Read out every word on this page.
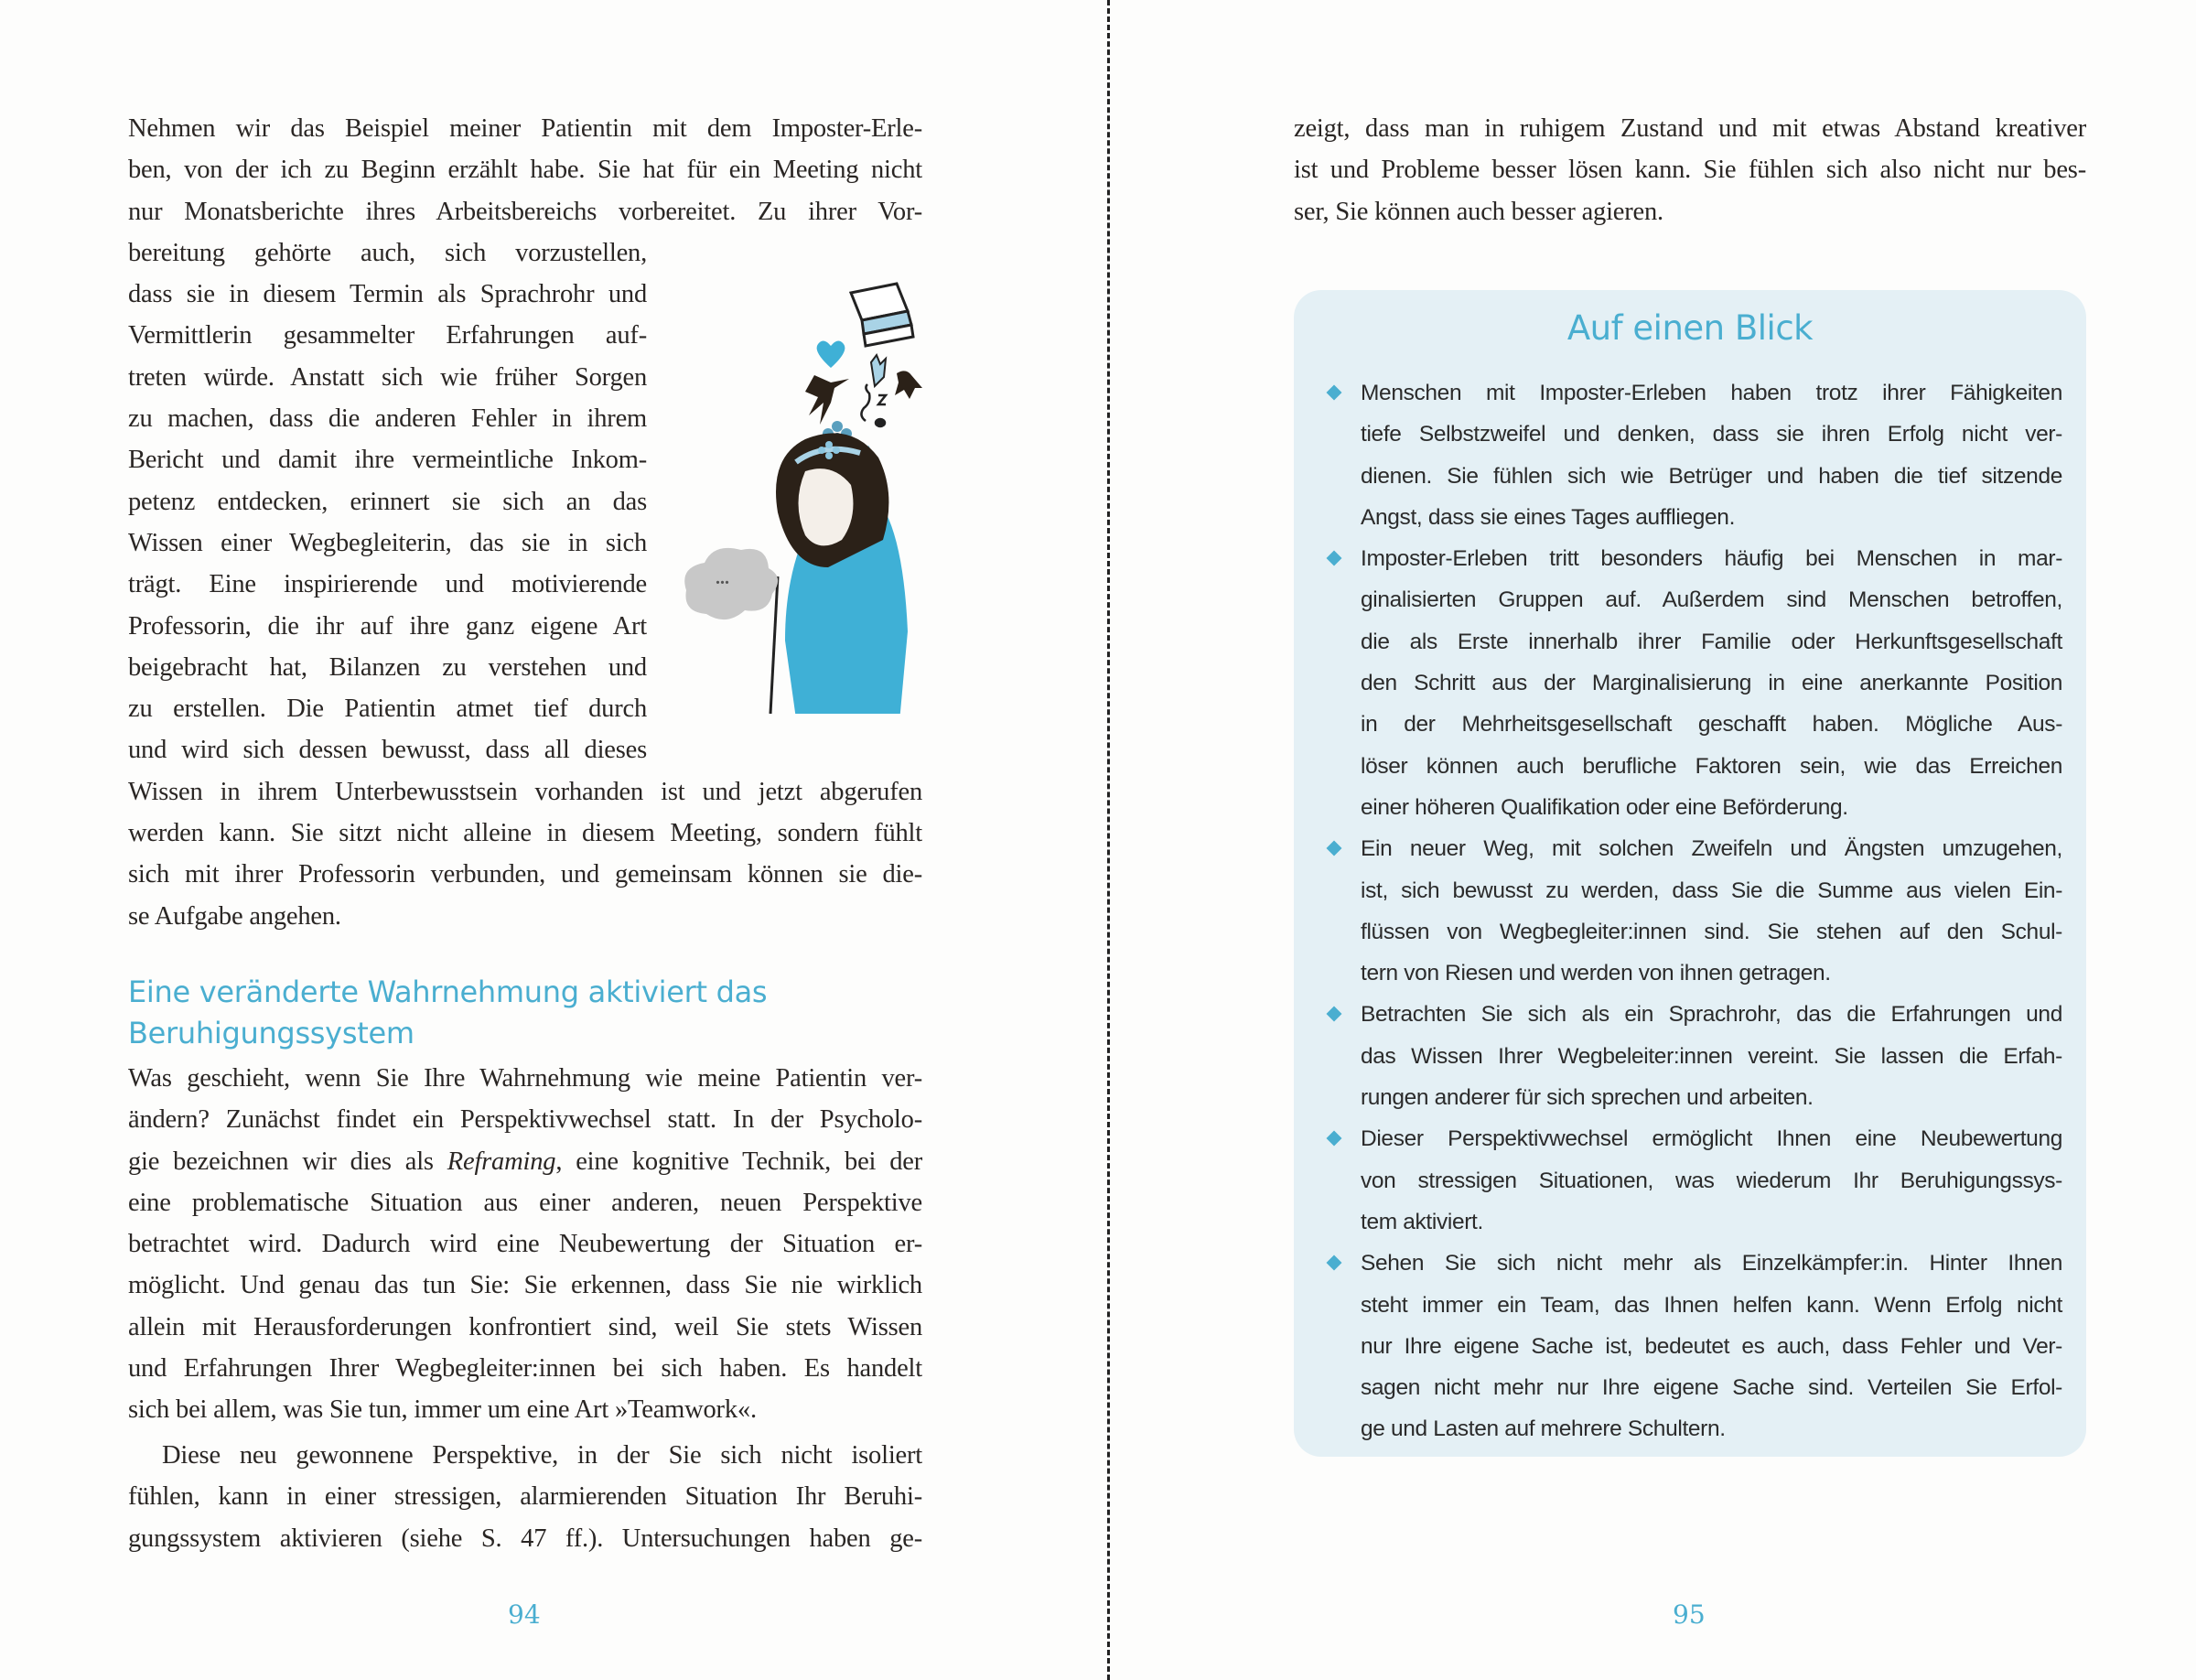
Nehmen wir das Beispiel meiner Patientin mit dem Imposter-Erle-
ben, von der ich zu Beginn erzählt habe. Sie hat für ein Meeting nicht
nur Monatsberichte ihres Arbeitsbereichs vorbereitet. Zu ihrer Vor-
bereitung gehörte auch, sich vorzustellen,
dass sie in diesem Termin als Sprachrohr und
Vermittlerin gesammelter Erfahrungen auf-
treten würde. Anstatt sich wie früher Sorgen
zu machen, dass die anderen Fehler in ihrem
Bericht und damit ihre vermeintliche Inkom-
petenz entdecken, erinnert sie sich an das
Wissen einer Wegbegleiterin, das sie in sich
trägt. Eine inspirierende und motivierende
Professorin, die ihr auf ihre ganz eigene Art
beigebracht hat, Bilanzen zu verstehen und
zu erstellen. Die Patientin atmet tief durch
und wird sich dessen bewusst, dass all dieses
Wissen in ihrem Unterbewusstsein vorhanden ist und jetzt abgerufen
werden kann. Sie sitzt nicht alleine in diesem Meeting, sondern fühlt
sich mit ihrer Professorin verbunden, und gemeinsam können sie die-
se Aufgabe angehen.
...
Eine veränderte Wahrnehmung aktiviert das
Beruhigungssystem
Was geschieht, wenn Sie Ihre Wahrnehmung wie meine Patientin ver-
ändern? Zunächst findet ein Perspektivwechsel statt. In der Psycholo-
gie bezeichnen wir dies als Reframing, eine kognitive Technik, bei der
eine problematische Situation aus einer anderen, neuen Perspektive
betrachtet wird. Dadurch wird eine Neubewertung der Situation er-
möglicht. Und genau das tun Sie: Sie erkennen, dass Sie nie wirklich
allein mit Herausforderungen konfrontiert sind, weil Sie stets Wissen
und Erfahrungen Ihrer Wegbegleiter:innen bei sich haben. Es handelt
sich bei allem, was Sie tun, immer um eine Art »Teamwork«.
Diese neu gewonnene Perspektive, in der Sie sich nicht isoliert
fühlen, kann in einer stressigen, alarmierenden Situation Ihr Beruhi-
gungssystem aktivieren (siehe S. 47 ff.). Untersuchungen haben ge-
94
zeigt, dass man in ruhigem Zustand und mit etwas Abstand kreativer
ist und Probleme besser lösen kann. Sie fühlen sich also nicht nur bes-
ser, Sie können auch besser agieren.
Auf einen Blick
Menschen mit Imposter-Erleben haben trotz ihrer Fähigkeiten
tiefe Selbstzweifel und denken, dass sie ihren Erfolg nicht ver-
dienen. Sie fühlen sich wie Betrüger und haben die tief sitzende
Angst, dass sie eines Tages auffliegen.
Imposter-Erleben tritt besonders häufig bei Menschen in mar-
ginalisierten Gruppen auf. Außerdem sind Menschen betroffen,
die als Erste innerhalb ihrer Familie oder Herkunftsgesellschaft
den Schritt aus der Marginalisierung in eine anerkannte Position
in der Mehrheitsgesellschaft geschafft haben. Mögliche Aus-
löser können auch berufliche Faktoren sein, wie das Erreichen
einer höheren Qualifikation oder eine Beförderung.
Ein neuer Weg, mit solchen Zweifeln und Ängsten umzugehen,
ist, sich bewusst zu werden, dass Sie die Summe aus vielen Ein-
flüssen von Wegbegleiter:innen sind. Sie stehen auf den Schul-
tern von Riesen und werden von ihnen getragen.
Betrachten Sie sich als ein Sprachrohr, das die Erfahrungen und
das Wissen Ihrer Wegbeleiter:innen vereint. Sie lassen die Erfah-
rungen anderer für sich sprechen und arbeiten.
Dieser Perspektivwechsel ermöglicht Ihnen eine Neubewertung
von stressigen Situationen, was wiederum Ihr Beruhigungssys-
tem aktiviert.
Sehen Sie sich nicht mehr als Einzelkämpfer:in. Hinter Ihnen
steht immer ein Team, das Ihnen helfen kann. Wenn Erfolg nicht
nur Ihre eigene Sache ist, bedeutet es auch, dass Fehler und Ver-
sagen nicht mehr nur Ihre eigene Sache sind. Verteilen Sie Erfol-
ge und Lasten auf mehrere Schultern.
95
